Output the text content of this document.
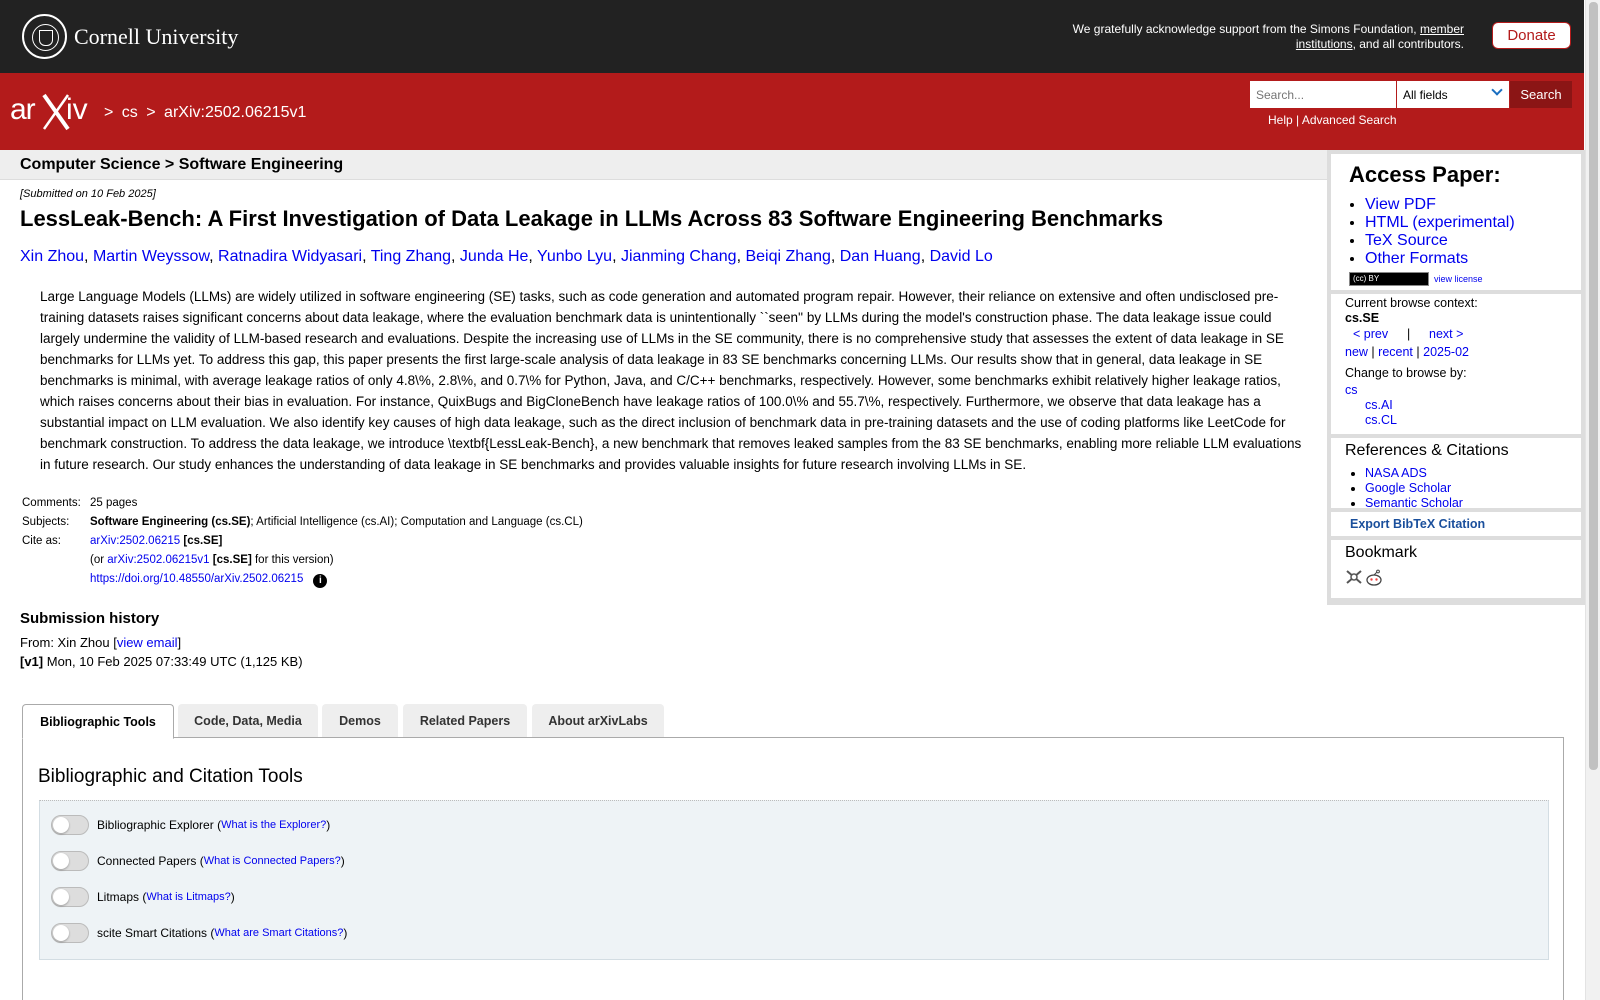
Cornell University	We gratefully acknowledge support from the Simons Foundation, member institutions, and all contributors.	Donate
ar iv > cs > arXiv:2502.06215v1
Search...
All fields	Search
Help | Advanced Search
Computer Science > Software Engineering
[Submitted on 10 Feb 2025]
LessLeak-Bench: A First Investigation of Data Leakage in LLMs Across 83 Software Engineering Benchmarks
Xin Zhou, Martin Weyssow, Ratnadira Widyasari, Ting Zhang, Junda He, Yunbo Lyu, Jianming Chang, Beiqi Zhang, Dan Huang, David Lo

Large Language Models (LLMs) are widely utilized in software engineering (SE) tasks, such as code generation and automated program repair. However, their reliance on extensive and often undisclosed pre-training datasets raises significant concerns about data leakage, where the evaluation benchmark data is unintentionally ``seen'' by LLMs during the model's construction phase. The data leakage issue could largely undermine the validity of LLM-based research and evaluations. Despite the increasing use of LLMs in the SE community, there is no comprehensive study that assesses the extent of data leakage in SE benchmarks for LLMs yet. To address this gap, this paper presents the first large-scale analysis of data leakage in 83 SE benchmarks concerning LLMs. Our results show that in general, data leakage in SE benchmarks is minimal, with average leakage ratios of only 4.8\%, 2.8\%, and 0.7\% for Python, Java, and C/C++ benchmarks, respectively. However, some benchmarks exhibit relatively higher leakage ratios, which raises concerns about their bias in evaluation. For instance, QuixBugs and BigCloneBench have leakage ratios of 100.0\% and 55.7\%, respectively. Furthermore, we observe that data leakage has a substantial impact on LLM evaluation. We also identify key causes of high data leakage, such as the direct inclusion of benchmark data in pre-training datasets and the use of coding platforms like LeetCode for benchmark construction. To address the data leakage, we introduce \textbf{LessLeak-Bench}, a new benchmark that removes leaked samples from the 83 SE benchmarks, enabling more reliable LLM evaluations in future research. Our study enhances the understanding of data leakage in SE benchmarks and provides valuable insights for future research involving LLMs in SE.

Comments:	25 pages
Subjects:	Software Engineering (cs.SE); Artificial Intelligence (cs.AI); Computation and Language (cs.CL)
Cite as:	arXiv:2502.06215 [cs.SE]
	(or arXiv:2502.06215v1 [cs.SE] for this version)
	https://doi.org/10.48550/arXiv.2502.06215 i
Submission history
From: Xin Zhou [view email]
[v1] Mon, 10 Feb 2025 07:33:49 UTC (1,125 KB)
Bibliographic Tools	Code, Data, Media	Demos	Related Papers	About arXivLabs
Bibliographic and Citation Tools
Bibliographic Explorer ( What is the Explorer? )
Connected Papers ( What is Connected Papers? )
Litmaps ( What is Litmaps? )
scite Smart Citations ( What are Smart Citations? )
Access Paper:
• View PDF
• HTML (experimental)
• TeX Source
• Other Formats
(cc) BY	view license
Current browse context:
cs.SE
< prev | next >
new | recent | 2025-02
Change to browse by:
cs
cs.AI
cs.CL
References & Citations
• NASA ADS
• Google Scholar
• Semantic Scholar
Export BibTeX Citation
Bookmark
